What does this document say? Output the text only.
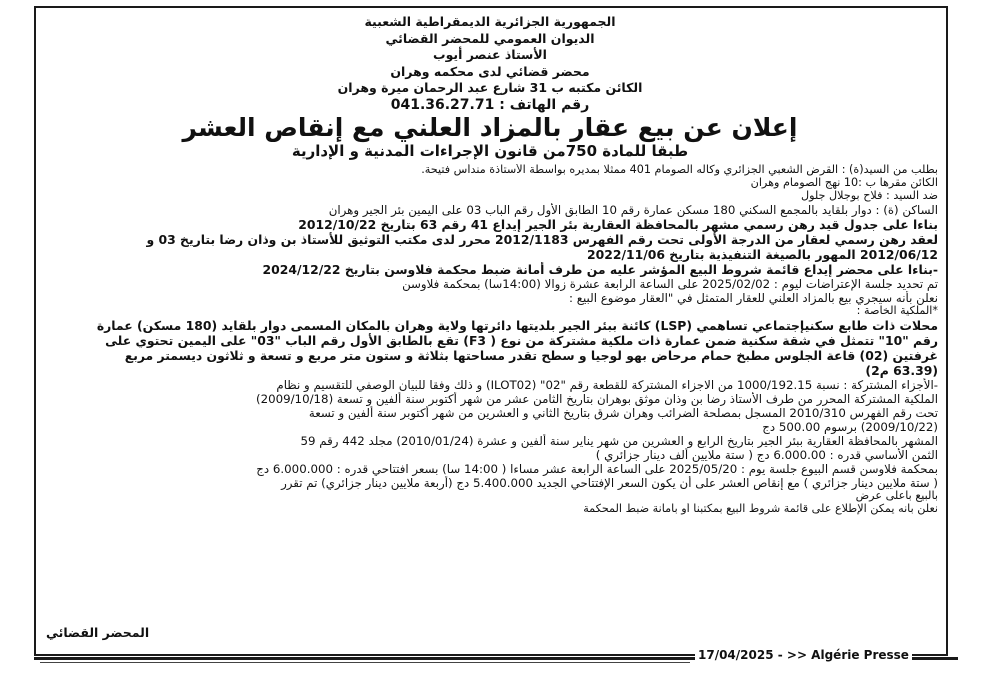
الجمهورية الجزائرية الديمقراطية الشعبية
الديوان العمومي للمحضر القضائي
الأستاذ عنصر أيوب
محضر قضائي لدى محكمه وهران
الكائن مكتبه ب 31 شارع عبد الرحمان ميرة وهران
رقم الهاتف : 041.36.27.71
إعلان عن بيع عقار بالمزاد العلني مع إنقاص العشر
طبقا للمادة 750من قانون الإجراءات المدنية و الإدارية
بطلب من السيد(ة) : القرض الشعبي الجزائري وكاله الصومام 401 ممثلا بمديره بواسطة الأستاذة مندأس فتيحة.
الكائن مقرها ب :10 نهج الصومام وهران
ضد السيد : فلاح بوجلال جلول
الساكن (ة) : دوار بلقايد بالمجمع السكني 180 مسكن عمارة رقم 10 الطابق الأول رقم الباب 03 على اليمين بئر الجير وهران
بناءا على جدول قيد رهن رسمي مشهر بالمحافظة العقارية بئر الجير إيداع 41 رقم 63 بتاريخ 2012/10/22
لعقد رهن رسمي لعقار من الدرجة الأولى تحت رقم الفهرس 2012/1183 محرر لدى مكتب التوثيق للأستاذ بن وذان رضا بتاريخ 03 و
2012/06/12 المهور بالصيغة التنفيذية بتاريخ 2022/11/06
-بناءا على محضر إيداع قائمة شروط البيع المؤشر عليه من طرف أمانة ضبط محكمة فلاوسن بتاريخ 2024/12/22
تم تحديد جلسة الإعتراضات ليوم : 2025/02/02 على الساعة الرابعة عشرة زوالا (14:00سا) بمحكمة فلاوسن
نعلن بأنه سيجري بيع بالمزاد العلني للعقار المتمثل في "العقار موضوع البيع :
*الملكية الخاصة :
محلات ذات طابع سكنيإجتماعي تساهمي (LSP) كائنة ببئر الجير بلديتها دائرتها ولاية وهران بالمكان المسمى دوار بلقايد (180 مسكن) عمارة
رقم "10" تتمثل في شقة سكنية ضمن عمارة ذات ملكية مشتركة من نوع ( F3) تقع بالطابق الأول رقم الباب "03" على اليمين تحتوي على
غرفتين (02) قاعة الجلوس مطبخ حمام مرحاض بهو لوجيا و سطح تقدر مساحتها بثلاثة و ستون متر مربع و تسعة و ثلاثون ديسمتر مربع
(63.39 م2)
-الأجزاء المشتركة : نسبة 1000/192.15 من الاجزاء المشتركة للقطعة رقم "02" (ILOT02) و ذلك وفقا للبيان الوصفي للتقسيم و نظام
الملكية المشتركة المحرر من طرف الأستاذ رضا بن وذان موثق بوهران بتاريخ الثامن عشر من شهر أكتوبر سنة ألفين و تسعة (2009/10/18)
تحت رقم الفهرس 2010/310 المسجل بمصلحة الضرائب وهران شرق بتاريخ الثاني و العشرين من شهر أكتوبر سنة ألفين و تسعة
(2009/10/22) برسوم 500.00 دج
المشهر بالمحافظة العقارية ببئر الجير بتاريخ الرابع و العشرين من شهر يناير سنة ألفين و عشرة (2010/01/24) مجلد 442 رقم 59
الثمن الأساسي قدره : 6.000.00 دج ( ستة ملايين ألف دينار جزائري )
بمحكمة فلاوسن قسم البيوع جلسة يوم : 2025/05/20 على الساعة الرابعة عشر مساءا ( 14:00 سا) بسعر افتتاحي قدره : 6.000.000 دج
( ستة ملايين دينار جزائري ) مع إنقاص العشر على أن يكون السعر الإفتتاحي الجديد 5.400.000 دج (أربعة ملايين دينار جزائري) تم تقرر
بالبيع بأعلى عرض
نعلن بأنه يمكن الإطلاع على قائمة شروط البيع بمكتبنا أو بأمانة ضبط المحكمة
المحضر القضائي
17/04/2025 - >> Algérie Presse
